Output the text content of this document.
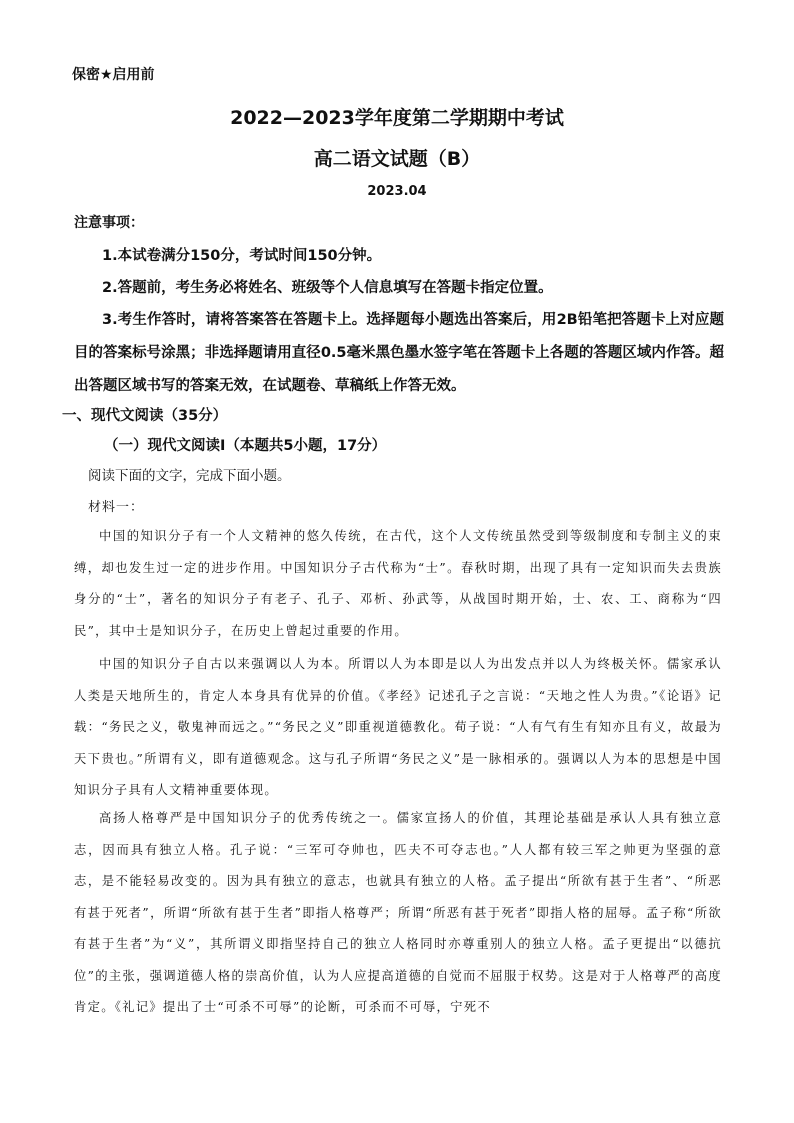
保密★启用前
2022—2023学年度第二学期期中考试
高二语文试题（B）
2023.04
注意事项：
1.本试卷满分150分，考试时间150分钟。
2.答题前，考生务必将姓名、班级等个人信息填写在答题卡指定位置。
3.考生作答时，请将答案答在答题卡上。选择题每小题选出答案后，用2B铅笔把答题卡上对应题目的答案标号涂黑；非选择题请用直径0.5毫米黑色墨水签字笔在答题卡上各题的答题区域内作答。超出答题区域书写的答案无效，在试题卷、草稿纸上作答无效。
一、现代文阅读（35分）
（一）现代文阅读Ⅰ（本题共5小题，17分）
阅读下面的文字，完成下面小题。
材料一：
中国的知识分子有一个人文精神的悠久传统，在古代，这个人文传统虽然受到等级制度和专制主义的束缚，却也发生过一定的进步作用。中国知识分子古代称为“士”。春秋时期，出现了具有一定知识而失去贵族身分的“士”，著名的知识分子有老子、孔子、邓析、孙武等，从战国时期开始，士、农、工、商称为“四民”，其中士是知识分子，在历史上曾起过重要的作用。
中国的知识分子自古以来强调以人为本。所谓以人为本即是以人为出发点并以人为终极关怀。儒家承认人类是天地所生的，肯定人本身具有优异的价值。《孝经》记述孔子之言说：“天地之性人为贵。”《论语》记载：“务民之义，敬鬼神而远之。”“务民之义”即重视道德教化。荀子说：“人有气有生有知亦且有义，故最为天下贵也。”所谓有义，即有道德观念。这与孔子所谓“务民之义”是一脉相承的。强调以人为本的思想是中国知识分子具有人文精神重要体现。
高扬人格尊严是中国知识分子的优秀传统之一。儒家宣扬人的价值，其理论基础是承认人具有独立意志，因而具有独立人格。孔子说：“三军可夺帅也，匹夫不可夺志也。”人人都有较三军之帅更为坚强的意志，是不能轻易改变的。因为具有独立的意志，也就具有独立的人格。孟子提出“所欲有甚于生者”、“所恶有甚于死者”，所谓“所欲有甚于生者”即指人格尊严；所谓“所恶有甚于死者”即指人格的屈辱。孟子称“所欲有甚于生者”为“义”，其所谓义即指坚持自己的独立人格同时亦尊重别人的独立人格。孟子更提出“以德抗位”的主张，强调道德人格的崇高价值，认为人应提高道德的自觉而不屈服于权势。这是对于人格尊严的高度肯定。《礼记》提出了士“可杀不可辱”的论断，可杀而不可辱，宁死不
